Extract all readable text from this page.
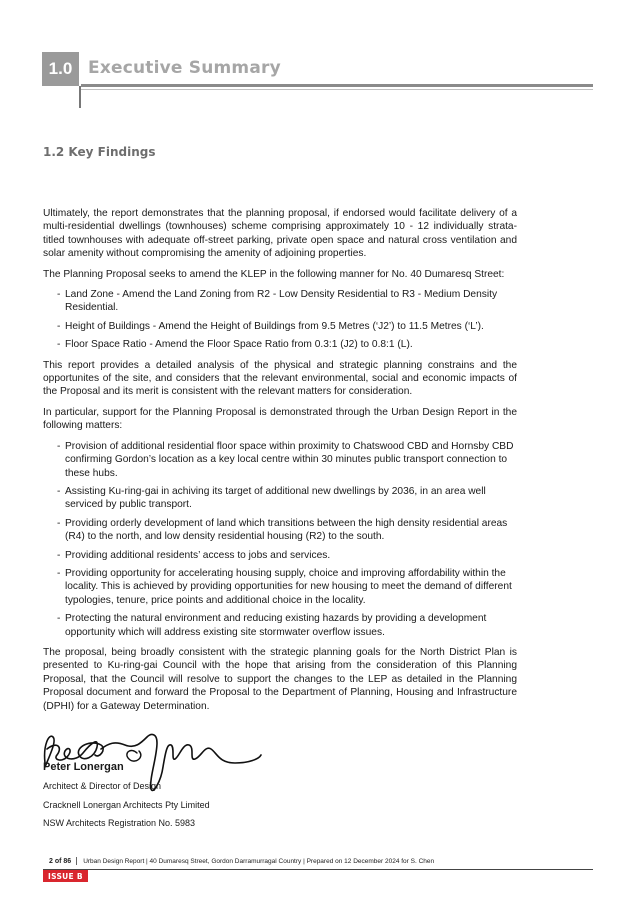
1.0 Executive Summary
1.2 Key Findings

Ultimately, the report demonstrates that the planning proposal, if endorsed would facilitate delivery of a multi-residential dwellings (townhouses) scheme comprising approximately 10 - 12 individually strata-titled townhouses with adequate off-street parking, private open space and natural cross ventilation and solar amenity without compromising the amenity of adjoining properties.

The Planning Proposal seeks to amend the KLEP in the following manner for No. 40 Dumaresq Street:

- Land Zone - Amend the Land Zoning from R2 - Low Density Residential to R3 - Medium Density Residential.
- Height of Buildings - Amend the Height of Buildings from 9.5 Metres (‘J2’) to 11.5 Metres (‘L’).
- Floor Space Ratio - Amend the Floor Space Ratio from 0.3:1 (J2) to 0.8:1 (L).

This report provides a detailed analysis of the physical and strategic planning constrains and the opportunites of the site, and considers that the relevant environmental, social and economic impacts of the Proposal and its merit is consistent with the relevant matters for consideration.

In particular, support for the Planning Proposal is demonstrated through the Urban Design Report in the following matters:

- Provision of additional residential floor space within proximity to Chatswood CBD and Hornsby CBD confirming Gordon’s location as a key local centre within 30 minutes public transport connection to these hubs.
- Assisting Ku-ring-gai in achiving its target of additional new dwellings by 2036, in an area well serviced by public transport.
- Providing orderly development of land which transitions between the high density residential areas (R4) to the north, and low density residential housing (R2) to the south.
- Providing additional residents’ access to jobs and services.
- Providing opportunity for accelerating housing supply, choice and improving affordability within the locality. This is achieved by providing opportunities for new housing to meet the demand of different typologies, tenure, price points and additional choice in the locality.
- Protecting the natural environment and reducing existing hazards by providing a development opportunity which will address existing site stormwater overflow issues.

The proposal, being broadly consistent with the strategic planning goals for the North District Plan is presented to Ku-ring-gai Council with the hope that arising from the consideration of this Planning Proposal, that the Council will resolve to support the changes to the LEP as detailed in the Planning Proposal document and forward the Proposal to the Department of Planning, Housing and Infrastructure (DPHI) for a Gateway Determination.

Peter Lonergan

Architect & Director of Design

Cracknell Lonergan Architects Pty Limited

NSW Architects Registration No. 5983

2 of 86 Urban Design Report | 40 Dumaresq Street, Gordon Darramurragal Country | Prepared on 12 December 2024 for S. Chen
ISSUE B
